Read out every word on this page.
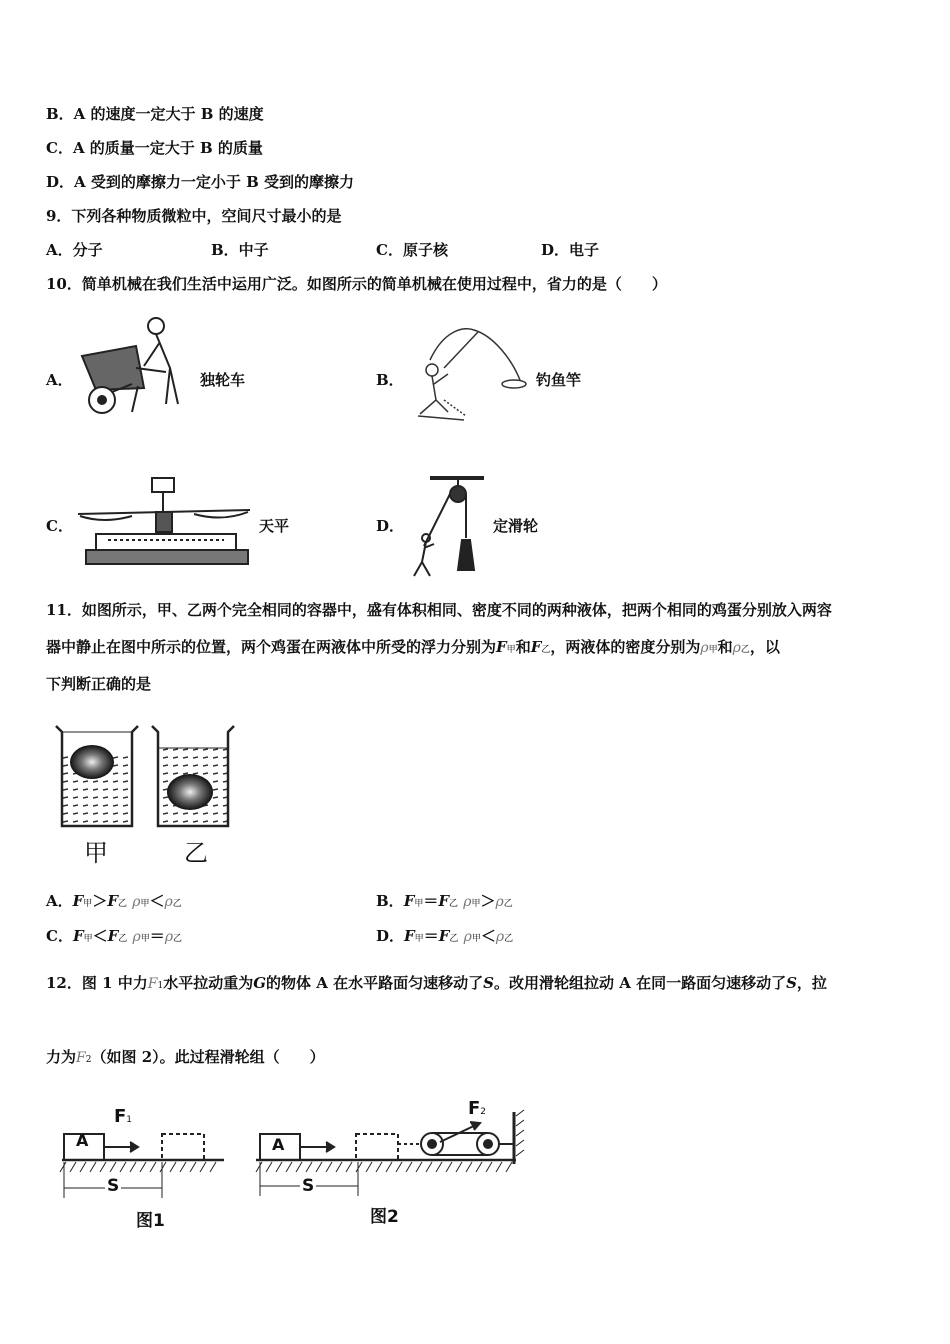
B．A 的速度一定大于 B 的速度
C．A 的质量一定大于 B 的质量
D．A 受到的摩擦力一定小于 B 受到的摩擦力
9．下列各种物质微粒中，空间尺寸最小的是
A．分子	B．中子	C．原子核	D．电子
10．简单机械在我们生活中运用广泛。如图所示的简单机械在使用过程中，省力的是（　　）
A．	独轮车	B．	钓鱼竿
C．	天平	D．	定滑轮
11．如图所示，甲、乙两个完全相同的容器中，盛有体积相同、密度不同的两种液体，把两个相同的鸡蛋分别放入两容
器中静止在图中所示的位置，两个鸡蛋在两液体中所受的浮力分别为F甲和F乙，两液体的密度分别为ρ甲和ρ乙，以
下判断正确的是
甲	乙
A．F甲＞F乙 ρ甲＜ρ乙	B．F甲＝F乙 ρ甲＞ρ乙
C．F甲＜F乙 ρ甲＝ρ乙	D．F甲＝F乙 ρ甲＜ρ乙
12．图 1 中力F1水平拉动重为G的物体 A 在水平路面匀速移动了S。改用滑轮组拉动 A 在同一路面匀速移动了S，拉
力为F2（如图 2）。此过程滑轮组（　　）
A
F1
S
图1
A
F2
S
图2
